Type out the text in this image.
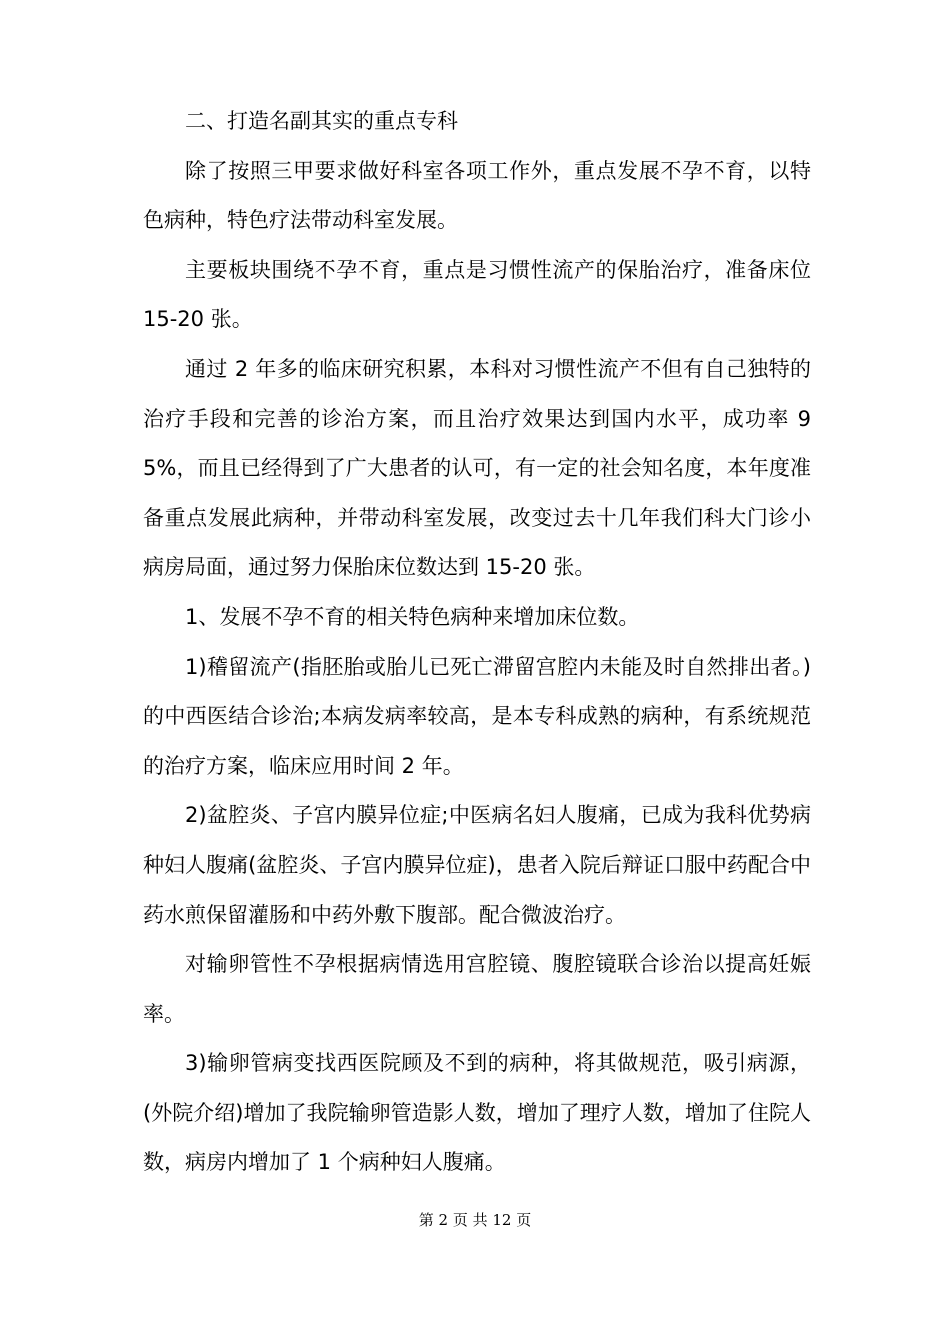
二、打造名副其实的重点专科

除了按照三甲要求做好科室各项工作外，重点发展不孕不育，以特色病种，特色疗法带动科室发展。

主要板块围绕不孕不育，重点是习惯性流产的保胎治疗，准备床位 15-20 张。

通过 2 年多的临床研究积累，本科对习惯性流产不但有自己独特的治疗手段和完善的诊治方案，而且治疗效果达到国内水平，成功率 95%，而且已经得到了广大患者的认可，有一定的社会知名度，本年度准备重点发展此病种，并带动科室发展，改变过去十几年我们科大门诊小病房局面，通过努力保胎床位数达到 15-20 张。

1、发展不孕不育的相关特色病种来增加床位数。

1)稽留流产(指胚胎或胎儿已死亡滞留宫腔内未能及时自然排出者。)的中西医结合诊治;本病发病率较高，是本专科成熟的病种，有系统规范的治疗方案，临床应用时间 2 年。

2)盆腔炎、子宫内膜异位症;中医病名妇人腹痛，已成为我科优势病种妇人腹痛(盆腔炎、子宫内膜异位症)，患者入院后辩证口服中药配合中药水煎保留灌肠和中药外敷下腹部。配合微波治疗。

对输卵管性不孕根据病情选用宫腔镜、腹腔镜联合诊治以提高妊娠率。

3)输卵管病变找西医院顾及不到的病种，将其做规范，吸引病源，(外院介绍)增加了我院输卵管造影人数，增加了理疗人数，增加了住院人数，病房内增加了 1 个病种妇人腹痛。

第 2 页 共 12 页
